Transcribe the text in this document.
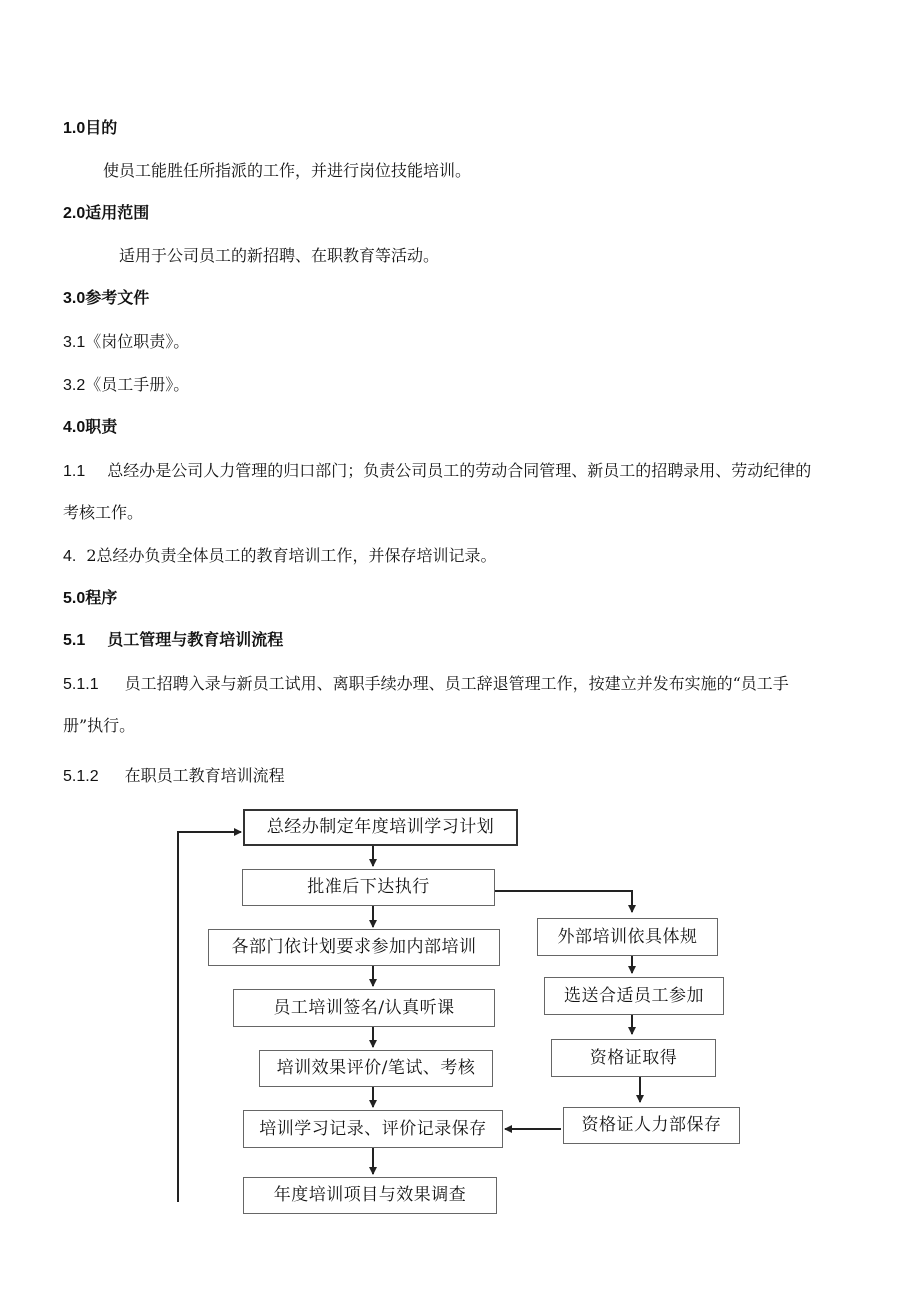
1.0目的
使员工能胜任所指派的工作，并进行岗位技能培训。
2.0适用范围
适用于公司员工的新招聘、在职教育等活动。
3.0参考文件
3.1《岗位职责》。
3.2《员工手册》。
4.0职责
1.1 总经办是公司人力管理的归口部门；负责公司员工的劳动合同管理、新员工的招聘录用、劳动纪律的
考核工作。
4. 2总经办负责全体员工的教育培训工作，并保存培训记录。
5.0程序
5.1 员工管理与教育培训流程
5.1.1 员工招聘入录与新员工试用、离职手续办理、员工辞退管理工作，按建立并发布实施的“员工手
册”执行。
5.1.2 在职员工教育培训流程
总经办制定年度培训学习计划
批准后下达执行
各部门依计划要求参加内部培训
员工培训签名/认真听课
培训效果评价/笔试、考核
培训学习记录、评价记录保存
年度培训项目与效果调查
外部培训依具体规
选送合适员工参加
资格证取得
资格证人力部保存
